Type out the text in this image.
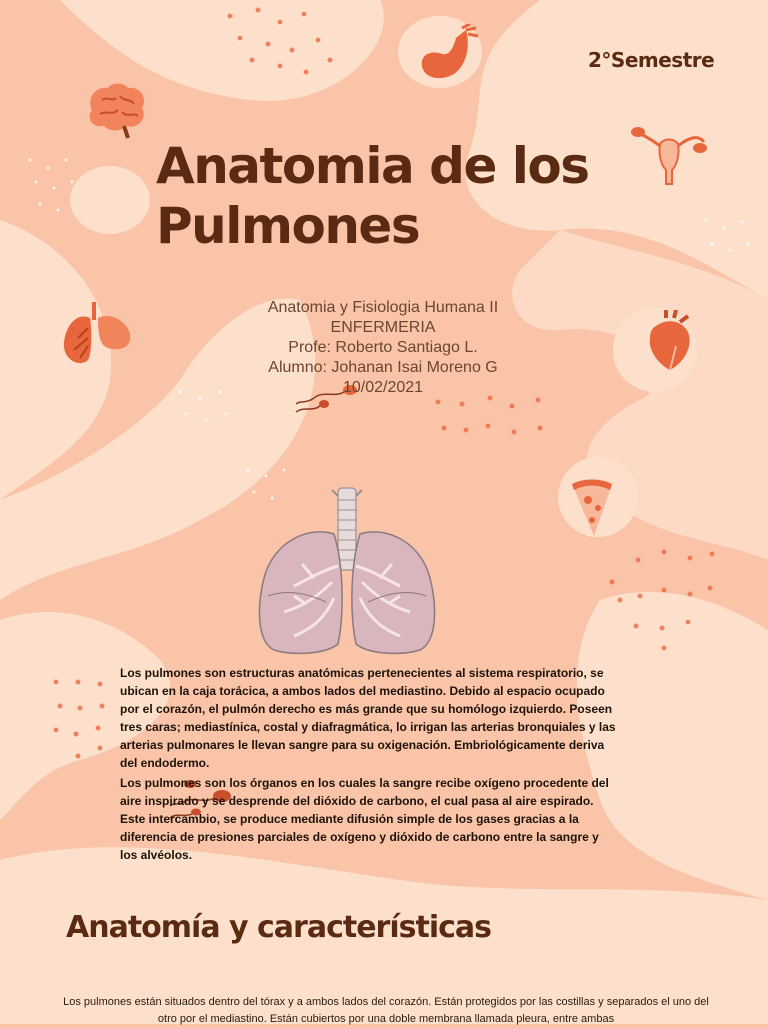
2°Semestre
Anatomia de los Pulmones
Anatomia y Fisiologia Humana II
ENFERMERIA
Profe: Roberto Santiago L.
Alumno: Johanan Isai Moreno G
10/02/2021

Los pulmones son estructuras anatómicas pertenecientes al sistema respiratorio, se ubican en la caja torácica, a ambos lados del mediastino. Debido al espacio ocupado por el corazón, el pulmón derecho es más grande que su homólogo izquierdo. Poseen tres caras; mediastínica, costal y diafragmática, lo irrigan las arterias bronquiales y las arterias pulmonares le llevan sangre para su oxigenación. Embriológicamente deriva del endodermo.

Los pulmones son los órganos en los cuales la sangre recibe oxígeno procedente del aire inspirado y se desprende del dióxido de carbono, el cual pasa al aire espirado. Este intercambio, se produce mediante difusión simple de los gases gracias a la diferencia de presiones parciales de oxígeno y dióxido de carbono entre la sangre y los alvéolos.

Anatomía y características

Los pulmones están situados dentro del tórax y a ambos lados del corazón. Están protegidos por las costillas y separados el uno del otro por el mediastino. Están cubiertos por una doble membrana llamada pleura, entre ambas
